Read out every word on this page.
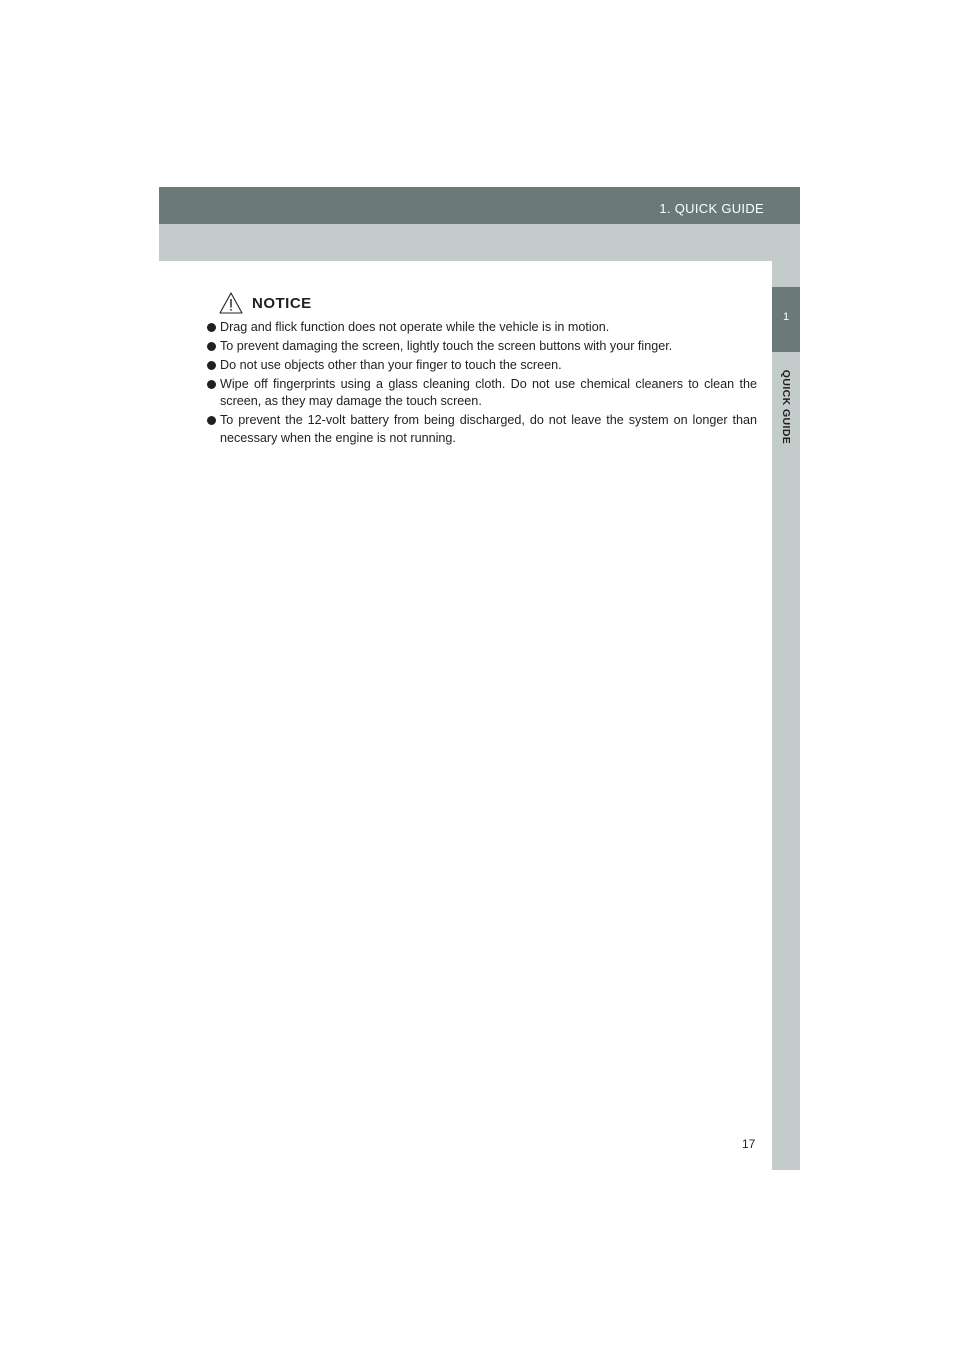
1. QUICK GUIDE
1
QUICK GUIDE
NOTICE
Drag and flick function does not operate while the vehicle is in motion.
To prevent damaging the screen, lightly touch the screen buttons with your finger.
Do not use objects other than your finger to touch the screen.
Wipe off fingerprints using a glass cleaning cloth. Do not use chemical cleaners to clean the screen, as they may damage the touch screen.
To prevent the 12-volt battery from being discharged, do not leave the system on longer than necessary when the engine is not running.
17
